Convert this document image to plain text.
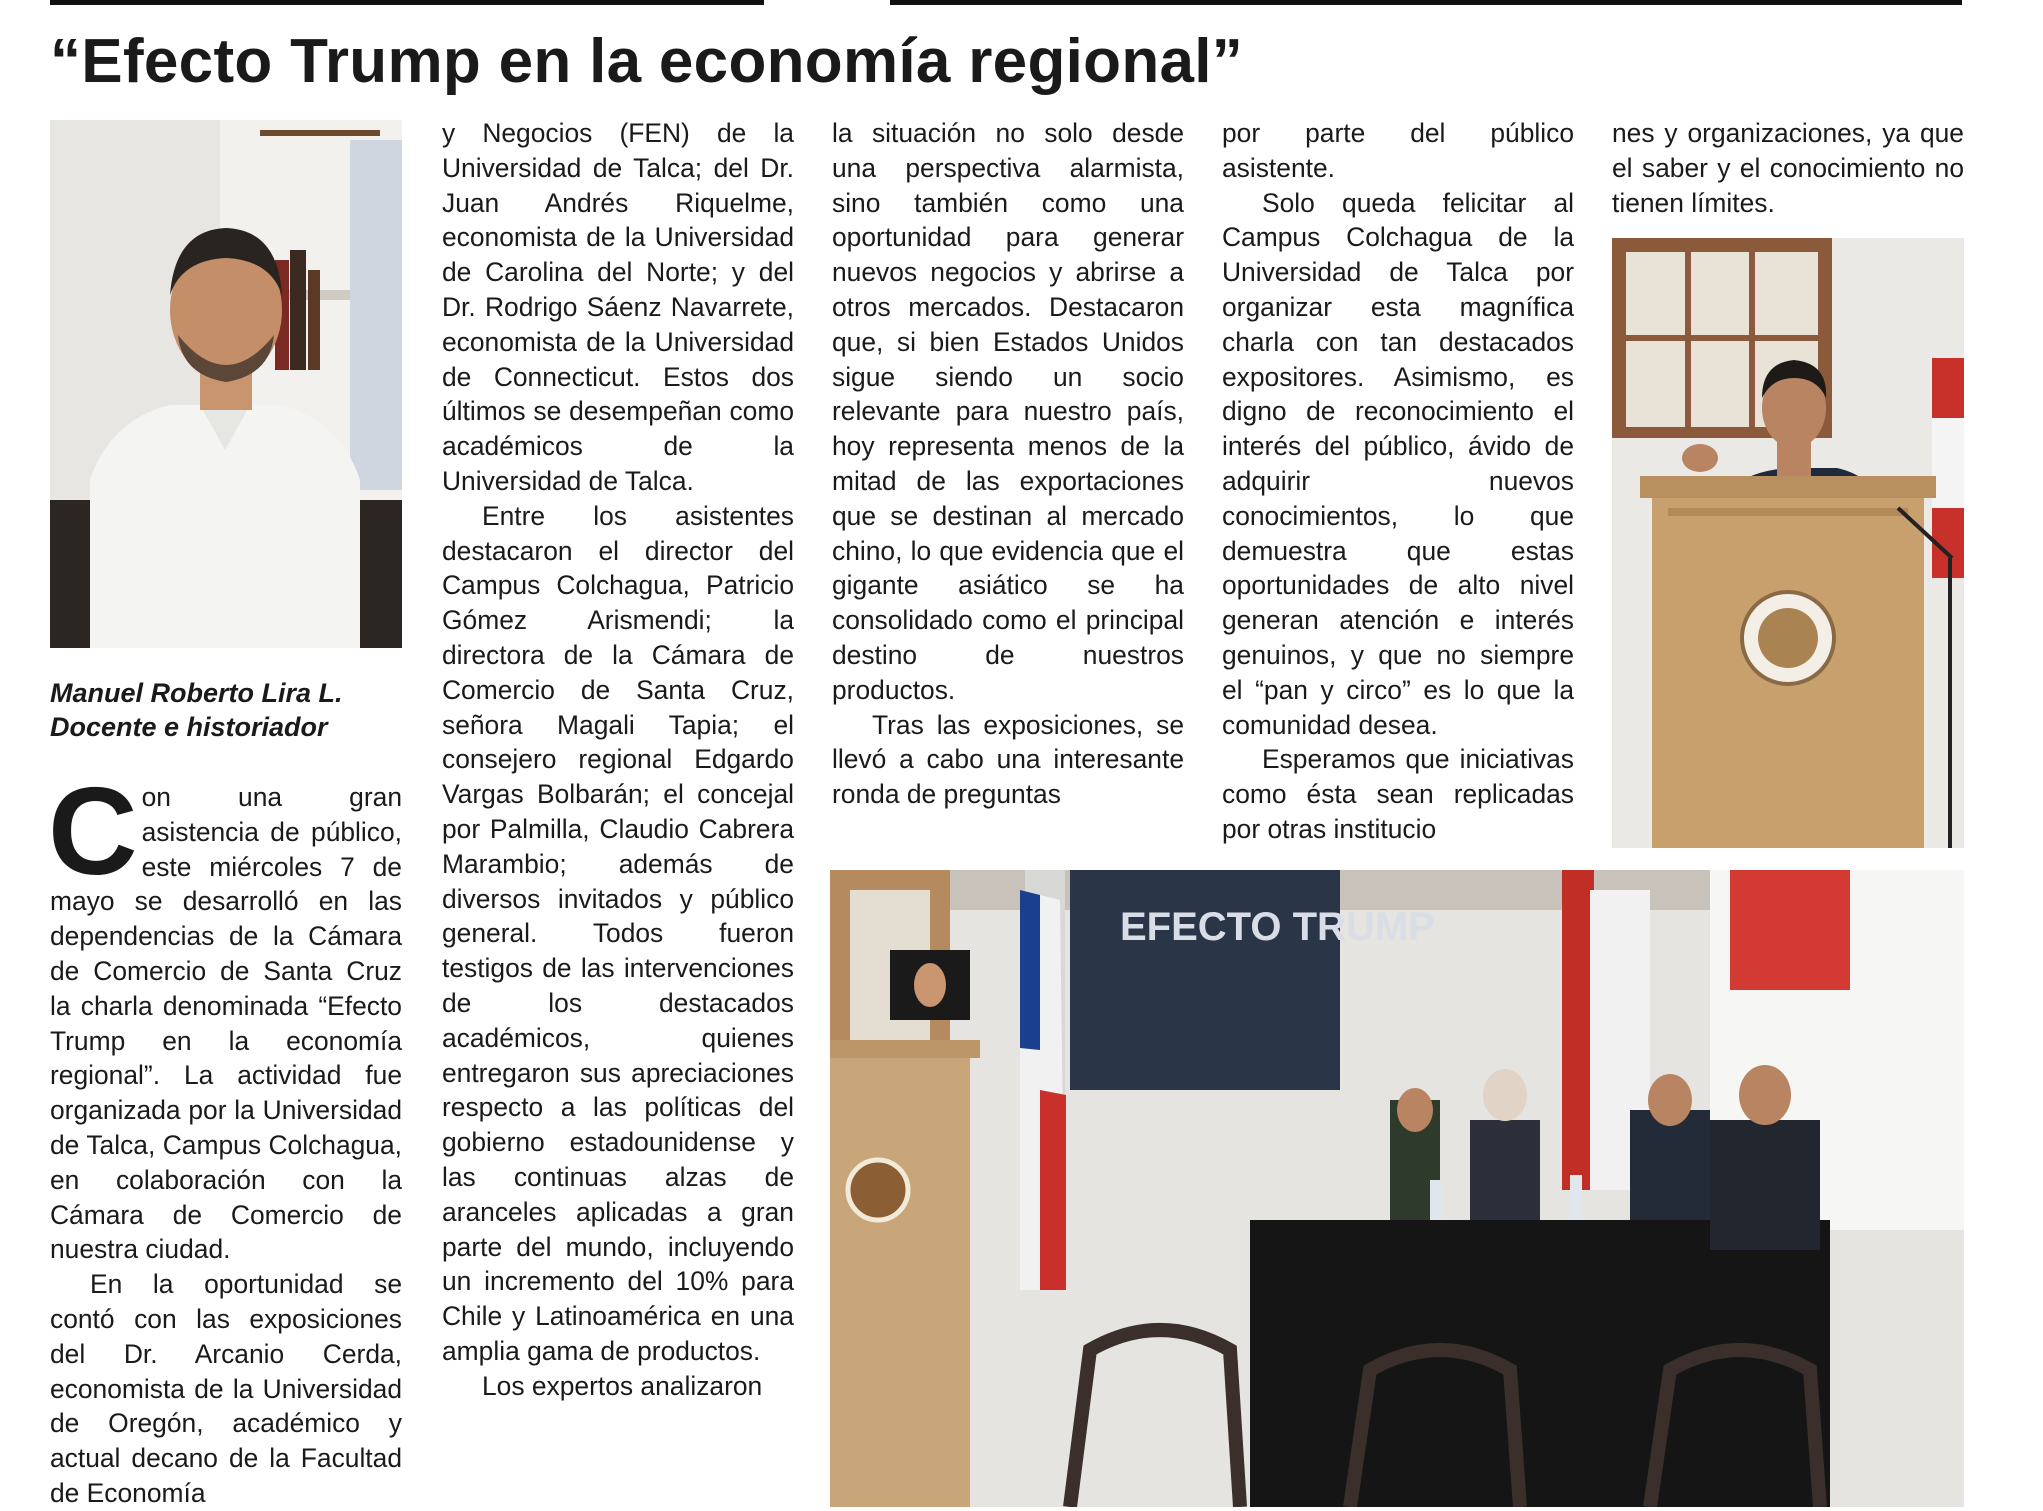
“Efecto Trump en la economía regional”
Manuel Roberto Lira L.
Docente e historiador

Con una gran asistencia de público, este miércoles 7 de mayo se desarrolló en las dependencias de la Cámara de Comercio de Santa Cruz la charla denominada “Efecto Trump en la economía regional”. La actividad fue organizada por la Universidad de Talca, Campus Colchagua, en colaboración con la Cámara de Comercio de nuestra ciudad.

En la oportunidad se contó con las exposiciones del Dr. Arcanio Cerda, economista de la Universidad de Oregón, académico y actual decano de la Facultad de Economía

y Negocios (FEN) de la Universidad de Talca; del Dr. Juan Andrés Riquelme, economista de la Universidad de Carolina del Norte; y del Dr. Rodrigo Sáenz Navarrete, economista de la Universidad de Connecticut. Estos dos últimos se desempeñan como académicos de la Universidad de Talca.

Entre los asistentes destacaron el director del Campus Colchagua, Patricio Gómez Arismendi; la directora de la Cámara de Comercio de Santa Cruz, señora Magali Tapia; el consejero regional Edgardo Vargas Bolbarán; el concejal por Palmilla, Claudio Cabrera Marambio; además de diversos invitados y público general. Todos fueron testigos de las intervenciones de los destacados académicos, quienes entregaron sus apreciaciones respecto a las políticas del gobierno estadounidense y las continuas alzas de aranceles aplicadas a gran parte del mundo, incluyendo un incremento del 10% para Chile y Latinoamérica en una amplia gama de productos.

Los expertos analizaron

la situación no solo desde una perspectiva alarmista, sino también como una oportunidad para generar nuevos negocios y abrirse a otros mercados. Destacaron que, si bien Estados Unidos sigue siendo un socio relevante para nuestro país, hoy representa menos de la mitad de las exportaciones que se destinan al mercado chino, lo que evidencia que el gigante asiático se ha consolidado como el principal destino de nuestros productos.

Tras las exposiciones, se llevó a cabo una interesante ronda de preguntas

por parte del público asistente.

Solo queda felicitar al Campus Colchagua de la Universidad de Talca por organizar esta magnífica charla con tan destacados expositores. Asimismo, es digno de reconocimiento el interés del público, ávido de adquirir nuevos conocimientos, lo que demuestra que estas oportunidades de alto nivel generan atención e interés genuinos, y que no siempre el “pan y circo” es lo que la comunidad desea.

Esperamos que iniciativas como ésta sean replicadas por otras institucio

nes y organizaciones, ya que el saber y el conocimiento no tienen límites.

EFECTO TRUMP
